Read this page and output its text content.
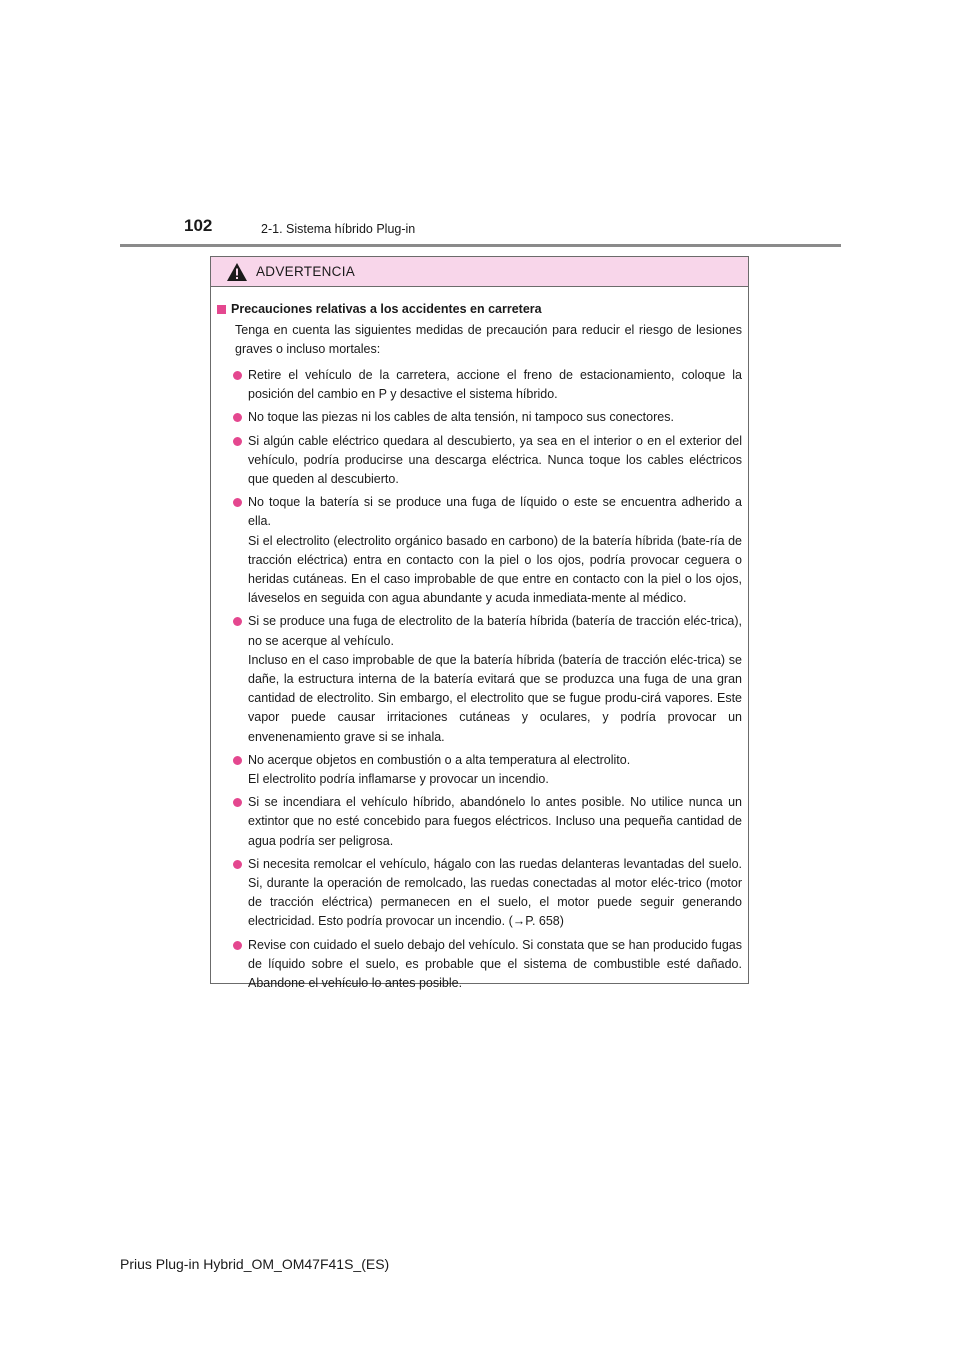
102	2-1. Sistema híbrido Plug-in
ADVERTENCIA
Precauciones relativas a los accidentes en carretera
Tenga en cuenta las siguientes medidas de precaución para reducir el riesgo de lesiones graves o incluso mortales:

Retire el vehículo de la carretera, accione el freno de estacionamiento, coloque la posición del cambio en P y desactive el sistema híbrido.

No toque las piezas ni los cables de alta tensión, ni tampoco sus conectores.

Si algún cable eléctrico quedara al descubierto, ya sea en el interior o en el exterior del vehículo, podría producirse una descarga eléctrica. Nunca toque los cables eléctricos que queden al descubierto.

No toque la batería si se produce una fuga de líquido o este se encuentra adherido a ella.

Si el electrolito (electrolito orgánico basado en carbono) de la batería híbrida (bate-ría de tracción eléctrica) entra en contacto con la piel o los ojos, podría provocar ceguera o heridas cutáneas. En el caso improbable de que entre en contacto con la piel o los ojos, láveselos en seguida con agua abundante y acuda inmediata-mente al médico.

Si se produce una fuga de electrolito de la batería híbrida (batería de tracción eléc-trica), no se acerque al vehículo.

Incluso en el caso improbable de que la batería híbrida (batería de tracción eléc-trica) se dañe, la estructura interna de la batería evitará que se produzca una fuga de una gran cantidad de electrolito. Sin embargo, el electrolito que se fugue produ-cirá vapores. Este vapor puede causar irritaciones cutáneas y oculares, y podría provocar un envenenamiento grave si se inhala.

No acerque objetos en combustión o a alta temperatura al electrolito.

El electrolito podría inflamarse y provocar un incendio.

Si se incendiara el vehículo híbrido, abandónelo lo antes posible. No utilice nunca un extintor que no esté concebido para fuegos eléctricos. Incluso una pequeña cantidad de agua podría ser peligrosa.

Si necesita remolcar el vehículo, hágalo con las ruedas delanteras levantadas del suelo. Si, durante la operación de remolcado, las ruedas conectadas al motor eléc-trico (motor de tracción eléctrica) permanecen en el suelo, el motor puede seguir generando electricidad. Esto podría provocar un incendio. (→P. 658)

Revise con cuidado el suelo debajo del vehículo. Si constata que se han producido fugas de líquido sobre el suelo, es probable que el sistema de combustible esté dañado. Abandone el vehículo lo antes posible.

Prius Plug-in Hybrid_OM_OM47F41S_(ES)
